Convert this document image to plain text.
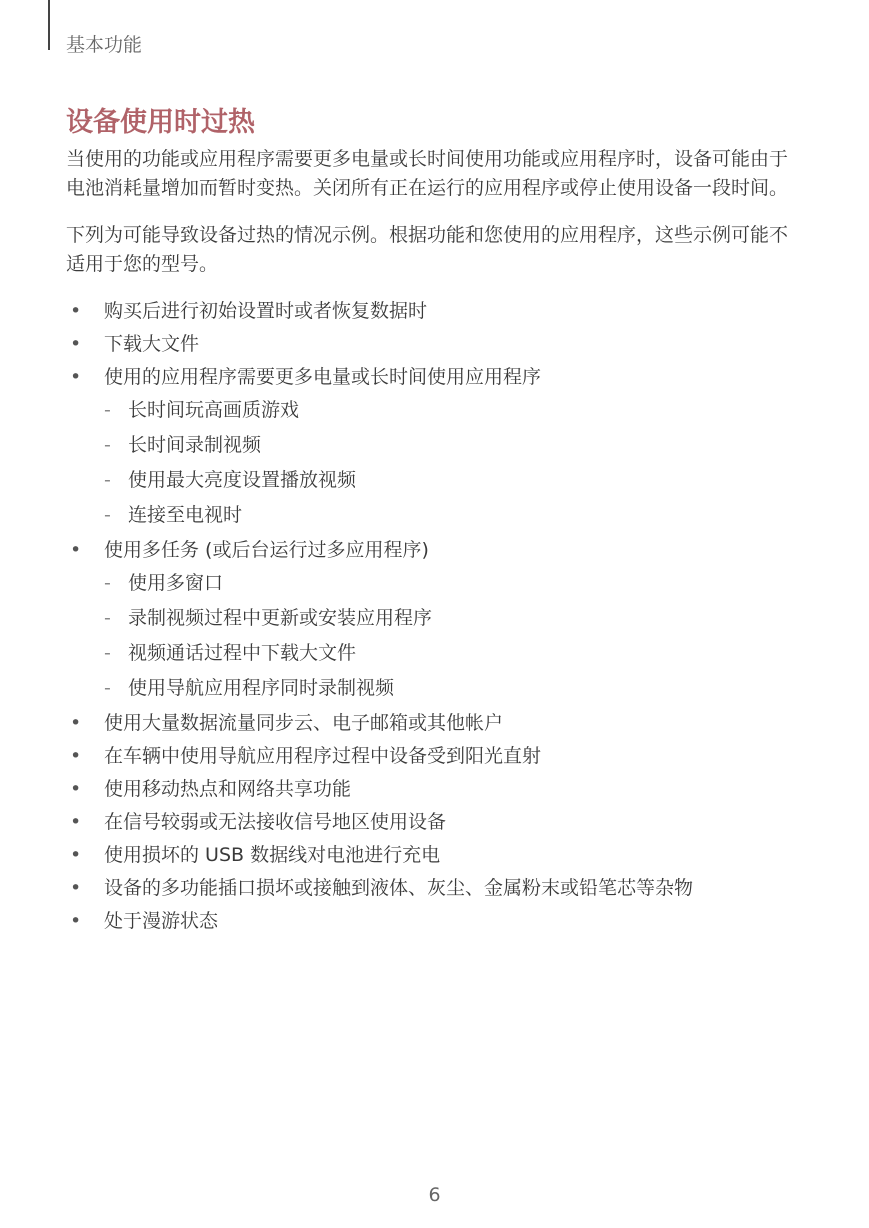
基本功能
设备使用时过热

当使用的功能或应用程序需要更多电量或长时间使用功能或应用程序时，设备可能由于电池消耗量增加而暂时变热。关闭所有正在运行的应用程序或停止使用设备一段时间。

下列为可能导致设备过热的情况示例。根据功能和您使用的应用程序，这些示例可能不适用于您的型号。

• 购买后进行初始设置时或者恢复数据时
• 下载大文件
• 使用的应用程序需要更多电量或长时间使用应用程序
- 长时间玩高画质游戏
- 长时间录制视频
- 使用最大亮度设置播放视频
- 连接至电视时
• 使用多任务 (或后台运行过多应用程序)
- 使用多窗口
- 录制视频过程中更新或安装应用程序
- 视频通话过程中下载大文件
- 使用导航应用程序同时录制视频
• 使用大量数据流量同步云、电子邮箱或其他帐户
• 在车辆中使用导航应用程序过程中设备受到阳光直射
• 使用移动热点和网络共享功能
• 在信号较弱或无法接收信号地区使用设备
• 使用损坏的 USB 数据线对电池进行充电
• 设备的多功能插口损坏或接触到液体、灰尘、金属粉末或铅笔芯等杂物
• 处于漫游状态
6
